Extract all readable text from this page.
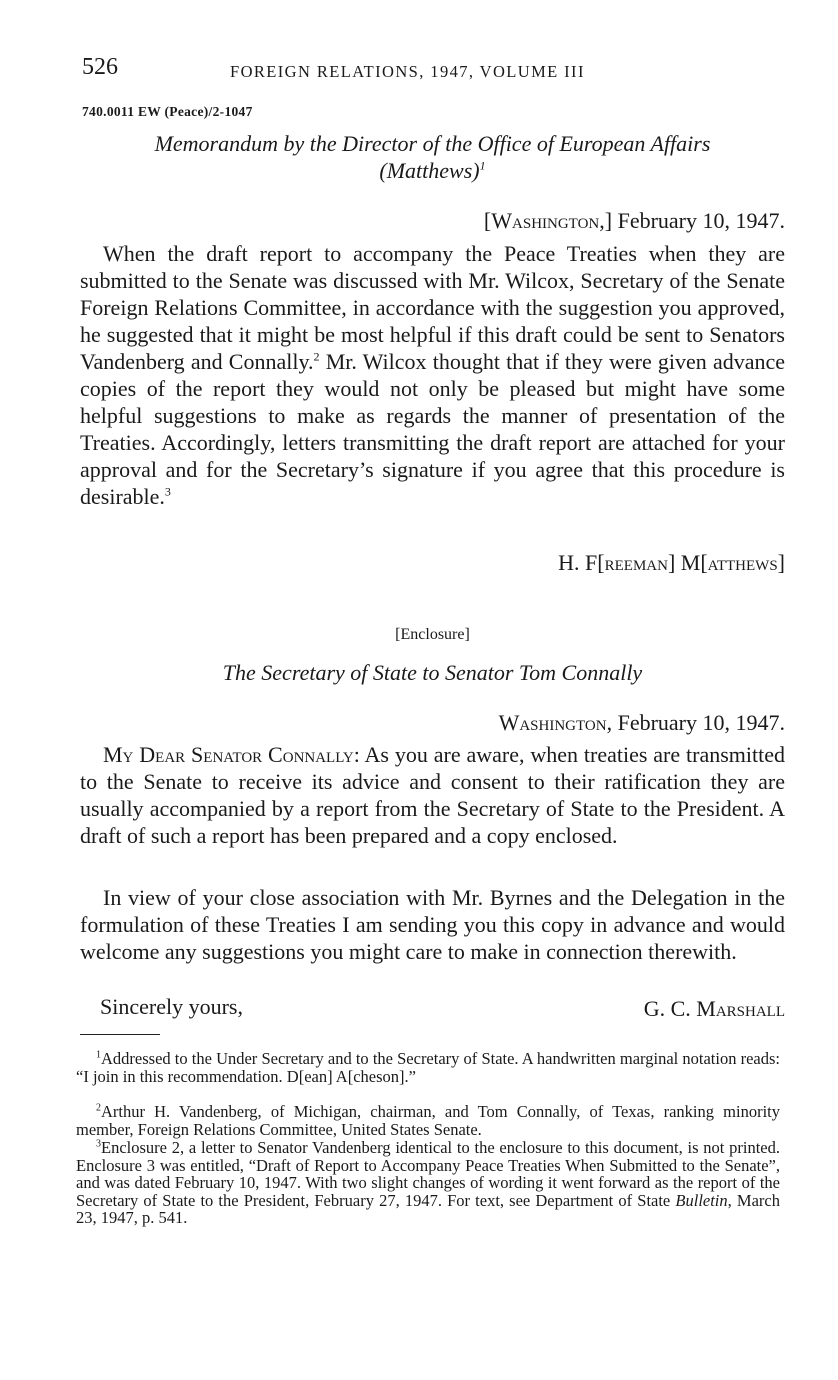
526	FOREIGN RELATIONS, 1947, VOLUME III
740.0011 EW (Peace)/2-1047
Memorandum by the Director of the Office of European Affairs
(Matthews)$^1$
[Washington,] February 10, 1947.
When the draft report to accompany the Peace Treaties when they are submitted to the Senate was discussed with Mr. Wilcox, Secretary of the Senate Foreign Relations Committee, in accordance with the suggestion you approved, he suggested that it might be most helpful if this draft could be sent to Senators Vandenberg and Connally.$^2$ Mr. Wilcox thought that if they were given advance copies of the report they would not only be pleased but might have some helpful suggestions to make as regards the manner of presentation of the Treaties. Accordingly, letters transmitting the draft report are attached for your approval and for the Secretary’s signature if you agree that this procedure is desirable.$^3$
H. F[reeman] M[atthews]
[Enclosure]
The Secretary of State to Senator Tom Connally
Washington, February 10, 1947.
My Dear Senator Connally: As you are aware, when treaties are transmitted to the Senate to receive its advice and consent to their ratification they are usually accompanied by a report from the Secretary of State to the President. A draft of such a report has been prepared and a copy enclosed.
In view of your close association with Mr. Byrnes and the Delegation in the formulation of these Treaties I am sending you this copy in advance and would welcome any suggestions you might care to make in connection therewith.
Sincerely yours,	G. C. Marshall
$^1$Addressed to the Under Secretary and to the Secretary of State. A handwritten marginal notation reads: “I join in this recommendation. D[ean] A[cheson].”
$^2$Arthur H. Vandenberg, of Michigan, chairman, and Tom Connally, of Texas, ranking minority member, Foreign Relations Committee, United States Senate.
$^3$Enclosure 2, a letter to Senator Vandenberg identical to the enclosure to this document, is not printed. Enclosure 3 was entitled, “Draft of Report to Accompany Peace Treaties When Submitted to the Senate”, and was dated February 10, 1947. With two slight changes of wording it went forward as the report of the Secretary of State to the President, February 27, 1947. For text, see Department of State Bulletin, March 23, 1947, p. 541.
